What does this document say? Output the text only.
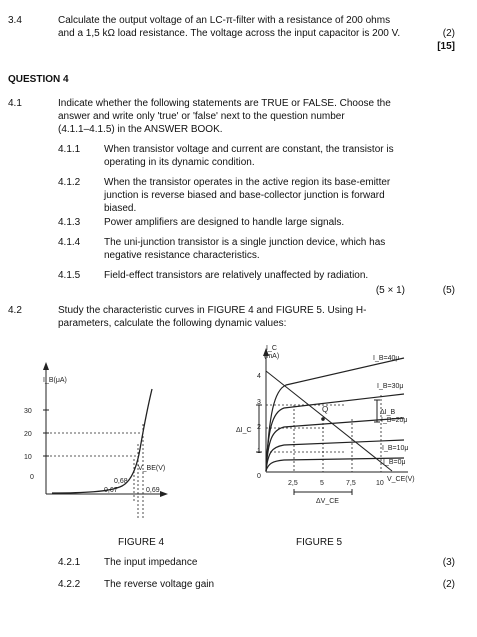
3.4	Calculate the output voltage of an LC-π-filter with a resistance of 200 ohms
and a 1,5 kΩ load resistance. The voltage across the input capacitor is 200 V.	(2)
[15]
QUESTION 4
4.1	Indicate whether the following statements are TRUE or FALSE. Choose the
answer and write only 'true' or 'false' next to the question number
(4.1.1–4.1.5) in the ANSWER BOOK.
4.1.1 When transistor voltage and current are constant, the transistor is
operating in its dynamic condition.
4.1.2 When the transistor operates in the active region its base-emitter
junction is reverse biased and base-collector junction is forward
biased.
4.1.3 Power amplifiers are designed to handle large signals.
4.1.4 The uni-junction transistor is a single junction device, which has
negative resistance characteristics.
4.1.5 Field-effect transistors are relatively unaffected by radiation.
(5 × 1)	(5)
4.2	Study the characteristic curves in FIGURE 4 and FIGURE 5. Using H-
parameters, calculate the following dynamic values:
I_B(μA)
30
20
10
0
V_BE(V)
0,68
0,67	0,69
FIGURE 4
I_C
(mA)
4
3
2
1
0
ΔI_C
2,5	5	7,5	10
V_CE(V)
ΔV_CE
Q	ΔI_B
I_B=40μ
I_B=30μ
I_B=20μ
I_B=10μ
I_B=0μ
FIGURE 5
4.2.1 The input impedance	(3)
4.2.2 The reverse voltage gain	(2)
